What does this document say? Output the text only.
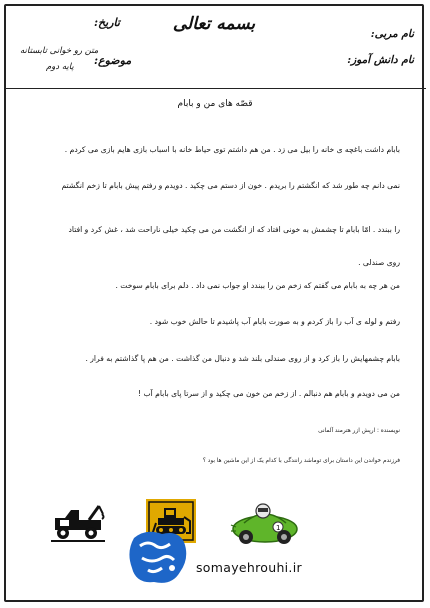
بسمه تعالی	نام مربی:
نام دانش آموز:
تاریخ:
موضوع:
متن رو خوانی تابستانه
پایه دوم
قصّه های من و بابام
بابام داشت باغچه ی خانه را بیل می زد . من هم داشتم توی حیاط خانه با اسباب بازی هایم بازی می کردم .
نمی دانم چه طور شد که انگشتم را بریدم . خون از دستم می چکید . دویدم و رفتم پیش بابام تا زخم انگشتم
را ببندد . امّا بابام تا چشمش به خونی افتاد که از انگشت من می چکید خیلی ناراحت شد ، غش کرد و افتاد
روی صندلی .
من هر چه به بابام می گفتم که زخم من را ببندد او جواب نمی داد . دلم برای بابام سوخت .
رفتم و لوله ی آب را باز کردم و به صورت بابام آب پاشیدم تا حالش خوب شود .
بابام چشمهایش را باز کرد و از روی صندلی بلند شد و دنبال من گذاشت . من هم پا گذاشتم به فرار .
من می دویدم و بابام هم دنبالم . از زخم من خون می چکید و از سرتا پای بابام آب !
نویسنده : ارپش ازر هترمند آلمانی
فرزندم خواندن این داستان برای توماشد رانندگی با کدام یک از این ماشین ها بود ؟
1
somayehrouhi.ir
